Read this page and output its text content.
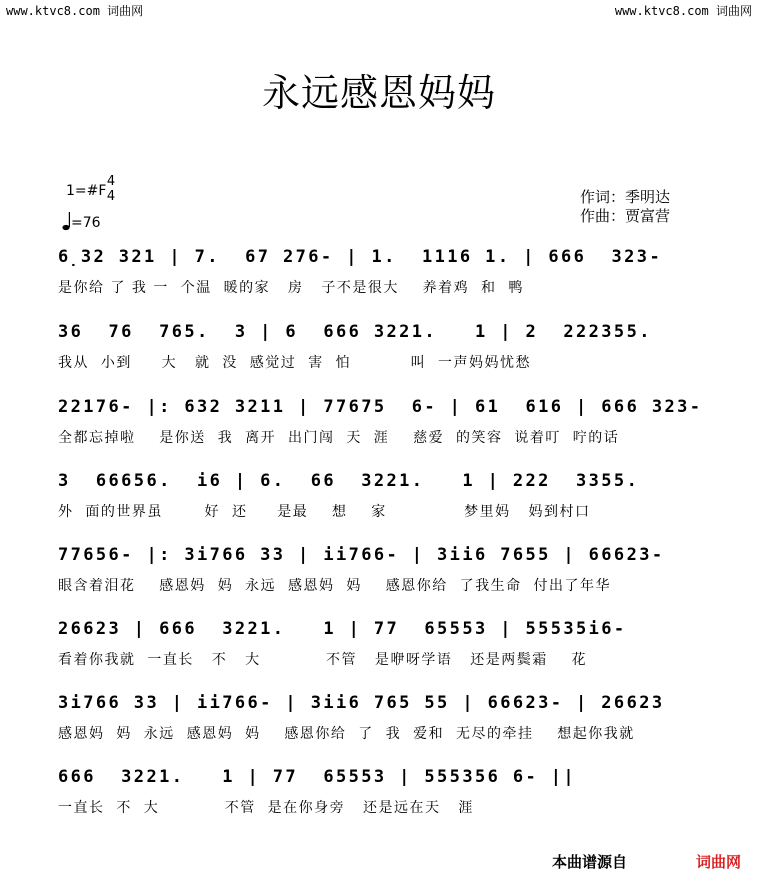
www.ktvc8.com 词曲网	www.ktvc8.com 词曲网
永远感恩妈妈
1=#F
4
4
=76
作词：季明达
作曲：贾富营
6̣32 321 | 7.  67 276- | 1.  1116 1. | 666  323-
是你给 了 我 一  个温  暖的家   房   子不是很大    养着鸡  和  鸭
36  76  765.  3 | 6  666 3221.   1 | 2  222355.
我从  小到     大   就  没  感觉过  害  怕          叫  一声妈妈忧愁
22176- |: 632 3211 | 77675  6- | 61  616 | 666 323-
全都忘掉啦    是你送  我  离开  出门闯  天  涯    慈爱  的笑容  说着叮  咛的话
3  66656.  i6 | 6.  66  3221.   1 | 222  3355.
外  面的世界虽       好  还     是最    想    家             梦里妈   妈到村口
77656- |: 3i766 33 | ii766- | 3ii6 7655 | 66623-
眼含着泪花    感恩妈  妈  永远  感恩妈  妈    感恩你给  了我生命  付出了年华
26623 | 666  3221.   1 | 77  65553 | 55535i6-
看着你我就  一直长   不   大           不管   是咿呀学语   还是两鬓霜    花
3i766 33 | ii766- | 3ii6 765 55 | 66623- | 26623
感恩妈  妈  永远  感恩妈  妈    感恩你给  了  我  爱和  无尽的牵挂    想起你我就
666  3221.   1 | 77  65553 | 555356 6- ||
一直长  不  大           不管  是在你身旁   还是远在天   涯
本曲谱源自	词曲网
